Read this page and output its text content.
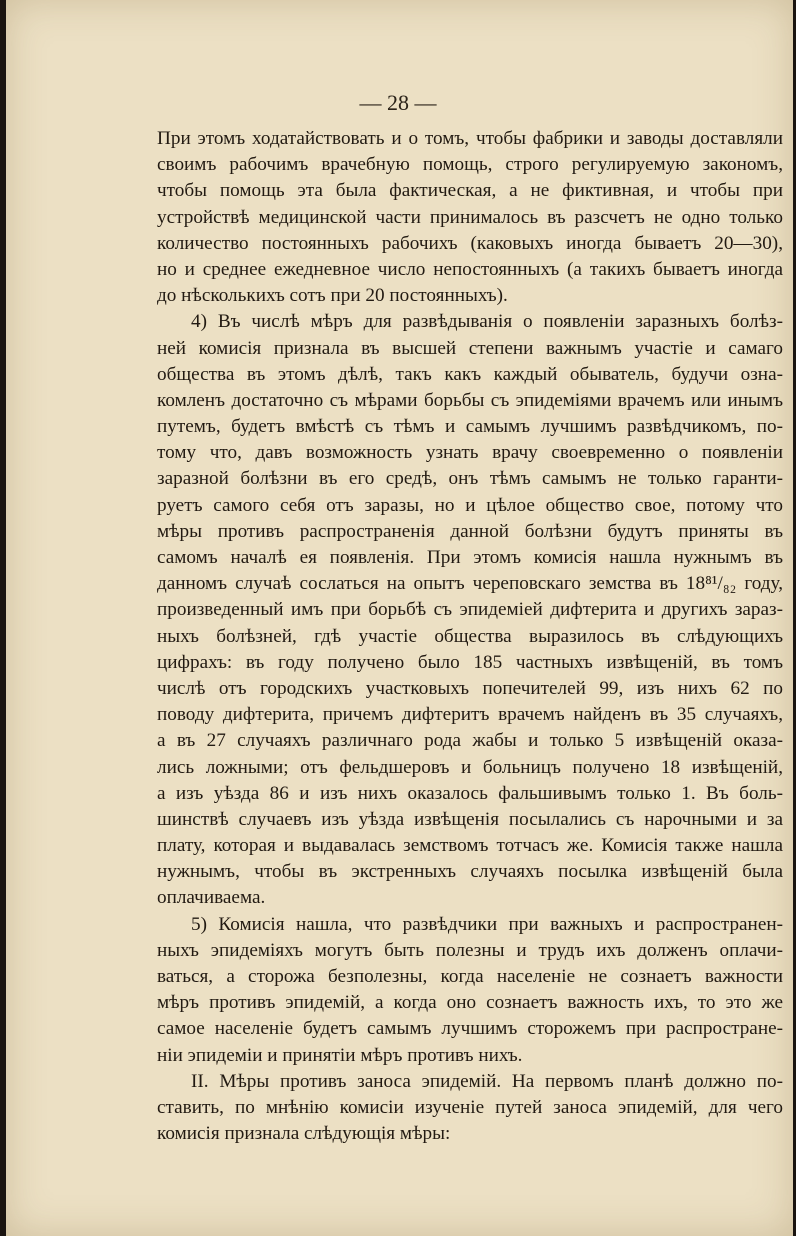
— 28 —
При этомъ ходатайствовать и о томъ, чтобы фабрики и заводы доставляли
своимъ рабочимъ врачебную помощь, строго регулируемую закономъ,
чтобы помощь эта была фактическая, а не фиктивная, и чтобы при
устройствѣ медицинской части принималось въ разсчетъ не одно только
количество постоянныхъ рабочихъ (каковыхъ иногда бываетъ 20—30),
но и среднее ежедневное число непостоянныхъ (а такихъ бываетъ иногда
до нѣсколькихъ сотъ при 20 постоянныхъ).
4) Въ числѣ мѣръ для развѣдыванія о появленіи заразныхъ болѣз-
ней комисія признала въ высшей степени важнымъ участіе и самаго
общества въ этомъ дѣлѣ, такъ какъ каждый обыватель, будучи озна-
комленъ достаточно съ мѣрами борьбы съ эпидеміями врачемъ или инымъ
путемъ, будетъ вмѣстѣ съ тѣмъ и самымъ лучшимъ развѣдчикомъ, по-
тому что, давъ возможность узнать врачу своевременно о появленіи
заразной болѣзни въ его средѣ, онъ тѣмъ самымъ не только гаранти-
руетъ самого себя отъ заразы, но и цѣлое общество свое, потому что
мѣры противъ распространенія данной болѣзни будутъ приняты въ
самомъ началѣ ея появленія. При этомъ комисія нашла нужнымъ въ
данномъ случаѣ сослаться на опытъ череповскаго земства въ 18⁸¹/₈₂ году,
произведенный имъ при борьбѣ съ эпидеміей дифтерита и другихъ зараз-
ныхъ болѣзней, гдѣ участіе общества выразилось въ слѣдующихъ
цифрахъ: въ году получено было 185 частныхъ извѣщеній, въ томъ
числѣ отъ городскихъ участковыхъ попечителей 99, изъ нихъ 62 по
поводу дифтерита, причемъ дифтеритъ врачемъ найденъ въ 35 случаяхъ,
а въ 27 случаяхъ различнаго рода жабы и только 5 извѣщеній оказа-
лись ложными; отъ фельдшеровъ и больницъ получено 18 извѣщеній,
а изъ уѣзда 86 и изъ нихъ оказалось фальшивымъ только 1. Въ боль-
шинствѣ случаевъ изъ уѣзда извѣщенія посылались съ нарочными и за
плату, которая и выдавалась земствомъ тотчасъ же. Комисія также нашла
нужнымъ, чтобы въ экстренныхъ случаяхъ посылка извѣщеній была
оплачиваема.
5) Комисія нашла, что развѣдчики при важныхъ и распространен-
ныхъ эпидеміяхъ могутъ быть полезны и трудъ ихъ долженъ оплачи-
ваться, а сторожа безполезны, когда населеніе не сознаетъ важности
мѣръ противъ эпидемій, а когда оно сознаетъ важность ихъ, то это же
самое населеніе будетъ самымъ лучшимъ сторожемъ при распростране-
ніи эпидеміи и принятіи мѣръ противъ нихъ.
II. Мѣры противъ заноса эпидемій. На первомъ планѣ должно по-
ставить, по мнѣнію комисіи изученіе путей заноса эпидемій, для чего
комисія признала слѣдующія мѣры:
